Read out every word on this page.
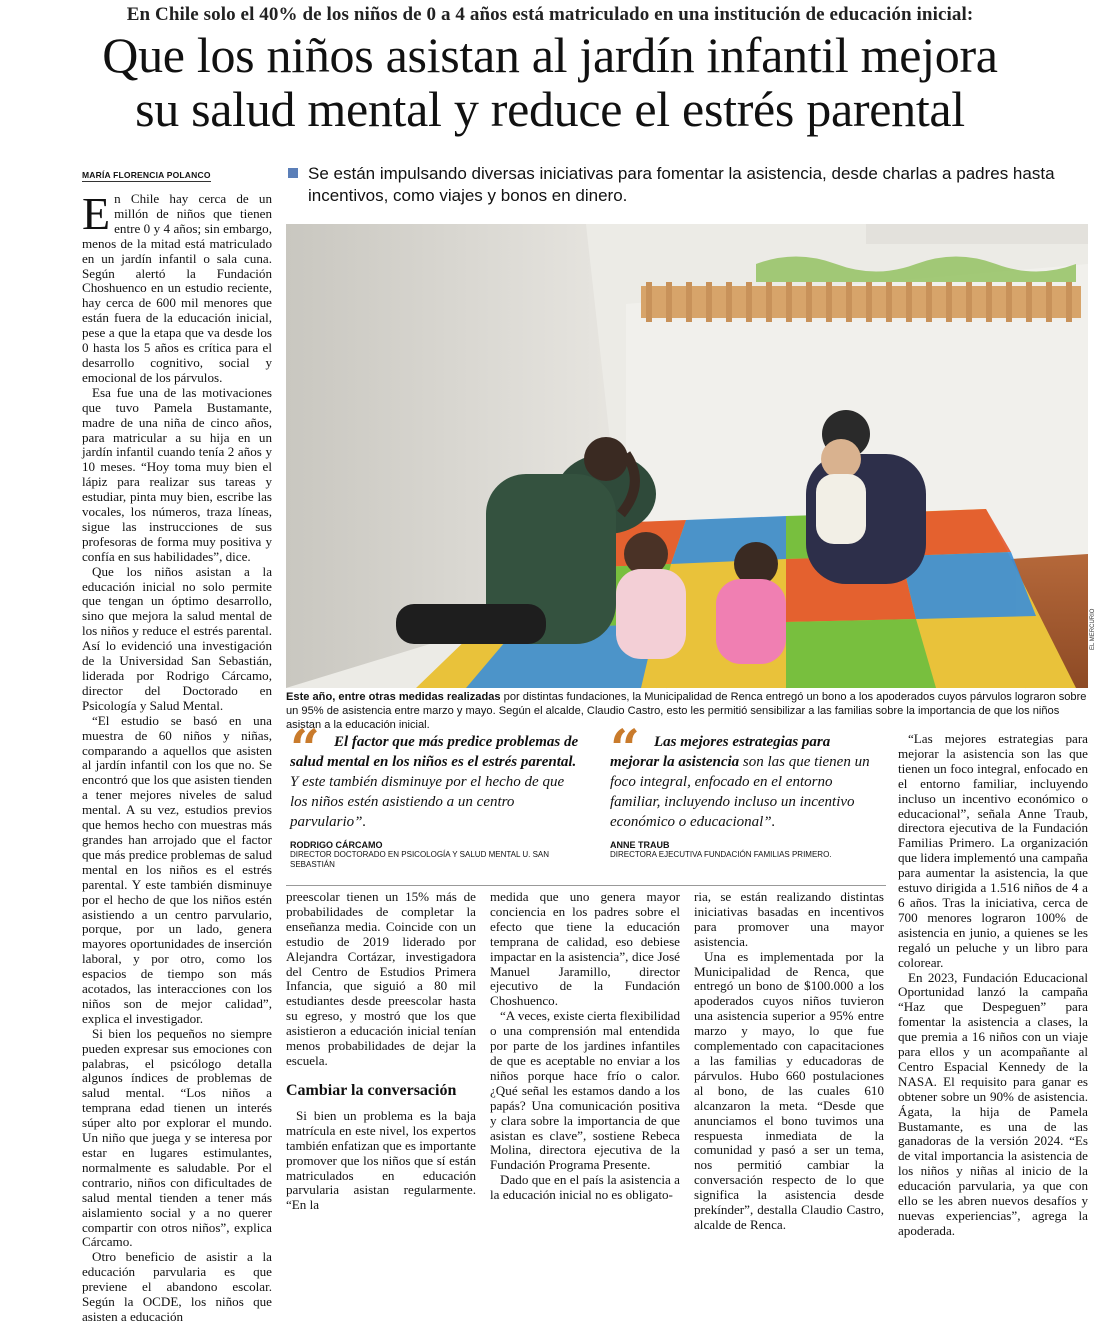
En Chile solo el 40% de los niños de 0 a 4 años está matriculado en una institución de educación inicial:
Que los niños asistan al jardín infantil mejora
su salud mental y reduce el estrés parental
MARÍA FLORENCIA POLANCO	Se están impulsando diversas iniciativas para fomentar la asistencia, desde charlas a padres hasta incentivos, como viajes y bonos en dinero.

En Chile hay cerca de un millón de niños que tienen entre 0 y 4 años; sin embargo, menos de la mitad está matriculado en un jardín infantil o sala cuna. Según alertó la Fundación Choshuenco en un estudio reciente, hay cerca de 600 mil menores que están fuera de la educación inicial, pese a que la etapa que va desde los 0 hasta los 5 años es crítica para el desarrollo cognitivo, social y emocional de los párvulos.

Esa fue una de las motivaciones que tuvo Pamela Bustamante, madre de una niña de cinco años, para matricular a su hija en un jardín infantil cuando tenía 2 años y 10 meses. “Hoy toma muy bien el lápiz para realizar sus tareas y estudiar, pinta muy bien, escribe las vocales, los números, traza líneas, sigue las instrucciones de sus profesoras de forma muy positiva y confía en sus habilidades”, dice.

Que los niños asistan a la educación inicial no solo permite que tengan un óptimo desarrollo, sino que mejora la salud mental de los niños y reduce el estrés parental. Así lo evidenció una investigación de la Universidad San Sebastián, liderada por Rodrigo Cárcamo, director del Doctorado en Psicología y Salud Mental.

“El estudio se basó en una muestra de 60 niños y niñas, comparando a aquellos que asisten al jardín infantil con los que no. Se encontró que los que asisten tienden a tener mejores niveles de salud mental. A su vez, estudios previos que hemos hecho con muestras más grandes han arrojado que el factor que más predice problemas de salud mental en los niños es el estrés parental. Y este también disminuye por el hecho de que los niños estén asistiendo a un centro parvulario, porque, por un lado, genera mayores oportunidades de inserción laboral, y por otro, como los espacios de tiempo son más acotados, las interacciones con los niños son de mejor calidad”, explica el investigador.

Si bien los pequeños no siempre pueden expresar sus emociones con palabras, el psicólogo detalla algunos índices de problemas de salud mental. “Los niños a temprana edad tienen un interés súper alto por explorar el mundo. Un niño que juega y se interesa por estar en lugares estimulantes, normalmente es saludable. Por el contrario, niños con dificultades de salud mental tienden a tener más aislamiento social y a no querer compartir con otros niños”, explica Cárcamo.

Otro beneficio de asistir a la educación parvularia es que previene el abandono escolar. Según la OCDE, los niños que asisten a educación

EL MERCURIO
Este año, entre otras medidas realizadas por distintas fundaciones, la Municipalidad de Renca entregó un bono a los apoderados cuyos párvulos lograron sobre un 95% de asistencia entre marzo y mayo. Según el alcalde, Claudio Castro, esto les permitió sensibilizar a las familias sobre la importancia de que los niños asistan a la educación inicial.
“	El factor que más predice problemas de salud mental en los niños es el estrés parental. Y este también disminuye por el hecho de que los niños estén asistiendo a un centro parvulario”.
RODRIGO CÁRCAMO
DIRECTOR DOCTORADO EN PSICOLOGÍA Y SALUD MENTAL U. SAN SEBASTIÁN
“	Las mejores estrategias para mejorar la asistencia son las que tienen un foco integral, enfocado en el entorno familiar, incluyendo incluso un incentivo económico o educacional”.
ANNE TRAUB
DIRECTORA EJECUTIVA FUNDACIÓN FAMILIAS PRIMERO.

preescolar tienen un 15% más de probabilidades de completar la enseñanza media. Coincide con un estudio de 2019 liderado por Alejandra Cortázar, investigadora del Centro de Estudios Primera Infancia, que siguió a 80 mil estudiantes desde preescolar hasta su egreso, y mostró que los que asistieron a educación inicial tenían menos probabilidades de dejar la escuela.

Cambiar la conversación

Si bien un problema es la baja matrícula en este nivel, los expertos también enfatizan que es importante promover que los niños que sí están matriculados en educación parvularia asistan regularmente. “En la

medida que uno genera mayor conciencia en los padres sobre el efecto que tiene la educación temprana de calidad, eso debiese impactar en la asistencia”, dice José Manuel Jaramillo, director ejecutivo de la Fundación Choshuenco.

“A veces, existe cierta flexibilidad o una comprensión mal entendida por parte de los jardines infantiles de que es aceptable no enviar a los niños porque hace frío o calor. ¿Qué señal les estamos dando a los papás? Una comunicación positiva y clara sobre la importancia de que asistan es clave”, sostiene Rebeca Molina, directora ejecutiva de la Fundación Programa Presente.

Dado que en el país la asistencia a la educación inicial no es obligato-

ria, se están realizando distintas iniciativas basadas en incentivos para promover una mayor asistencia.

Una es implementada por la Municipalidad de Renca, que entregó un bono de $100.000 a los apoderados cuyos niños tuvieron una asistencia superior a 95% entre marzo y mayo, lo que fue complementado con capacitaciones a las familias y educadoras de párvulos. Hubo 660 postulaciones al bono, de las cuales 610 alcanzaron la meta. “Desde que anunciamos el bono tuvimos una respuesta inmediata de la comunidad y pasó a ser un tema, nos permitió cambiar la conversación respecto de lo que significa la asistencia desde prekínder”, destalla Claudio Castro, alcalde de Renca.

“Las mejores estrategias para mejorar la asistencia son las que tienen un foco integral, enfocado en el entorno familiar, incluyendo incluso un incentivo económico o educacional”, señala Anne Traub, directora ejecutiva de la Fundación Familias Primero. La organización que lidera implementó una campaña para aumentar la asistencia, la que estuvo dirigida a 1.516 niños de 4 a 6 años. Tras la iniciativa, cerca de 700 menores lograron 100% de asistencia en junio, a quienes se les regaló un peluche y un libro para colorear.

En 2023, Fundación Educacional Oportunidad lanzó la campaña “Haz que Despeguen” para fomentar la asistencia a clases, la que premia a 16 niños con un viaje para ellos y un acompañante al Centro Espacial Kennedy de la NASA. El requisito para ganar es obtener sobre un 90% de asistencia. Ágata, la hija de Pamela Bustamante, es una de las ganadoras de la versión 2024. “Es de vital importancia la asistencia de los niños y niñas al inicio de la educación parvularia, ya que con ello se les abren nuevos desafíos y nuevas experiencias”, agrega la apoderada.
